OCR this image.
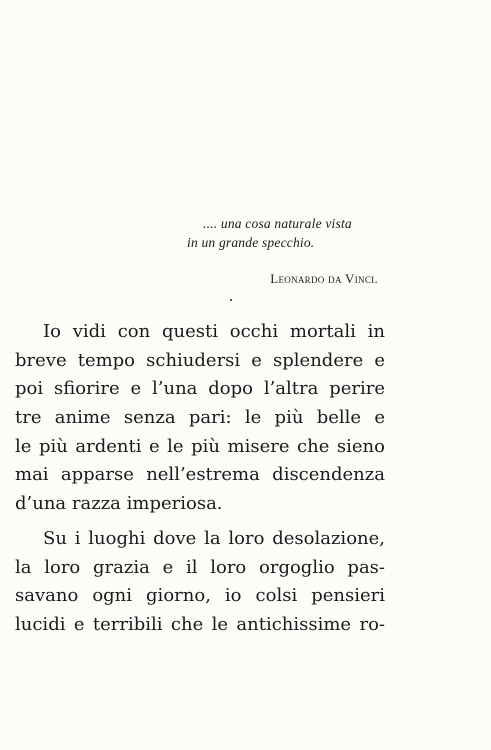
.... una cosa naturale vista
in un grande specchio.
Leonardo da Vinci.
Io vidi con questi occhi mortali in
breve tempo schiudersi e splendere e
poi sfiorire e l’una dopo l’altra perire
tre anime senza pari: le più belle e
le più ardenti e le più misere che sieno
mai apparse nell’estrema discendenza
d’una razza imperiosa.
Su i luoghi dove la loro desolazione,
la loro grazia e il loro orgoglio pas-
savano ogni giorno, io colsi pensieri
lucidi e terribili che le antichissime ro-
